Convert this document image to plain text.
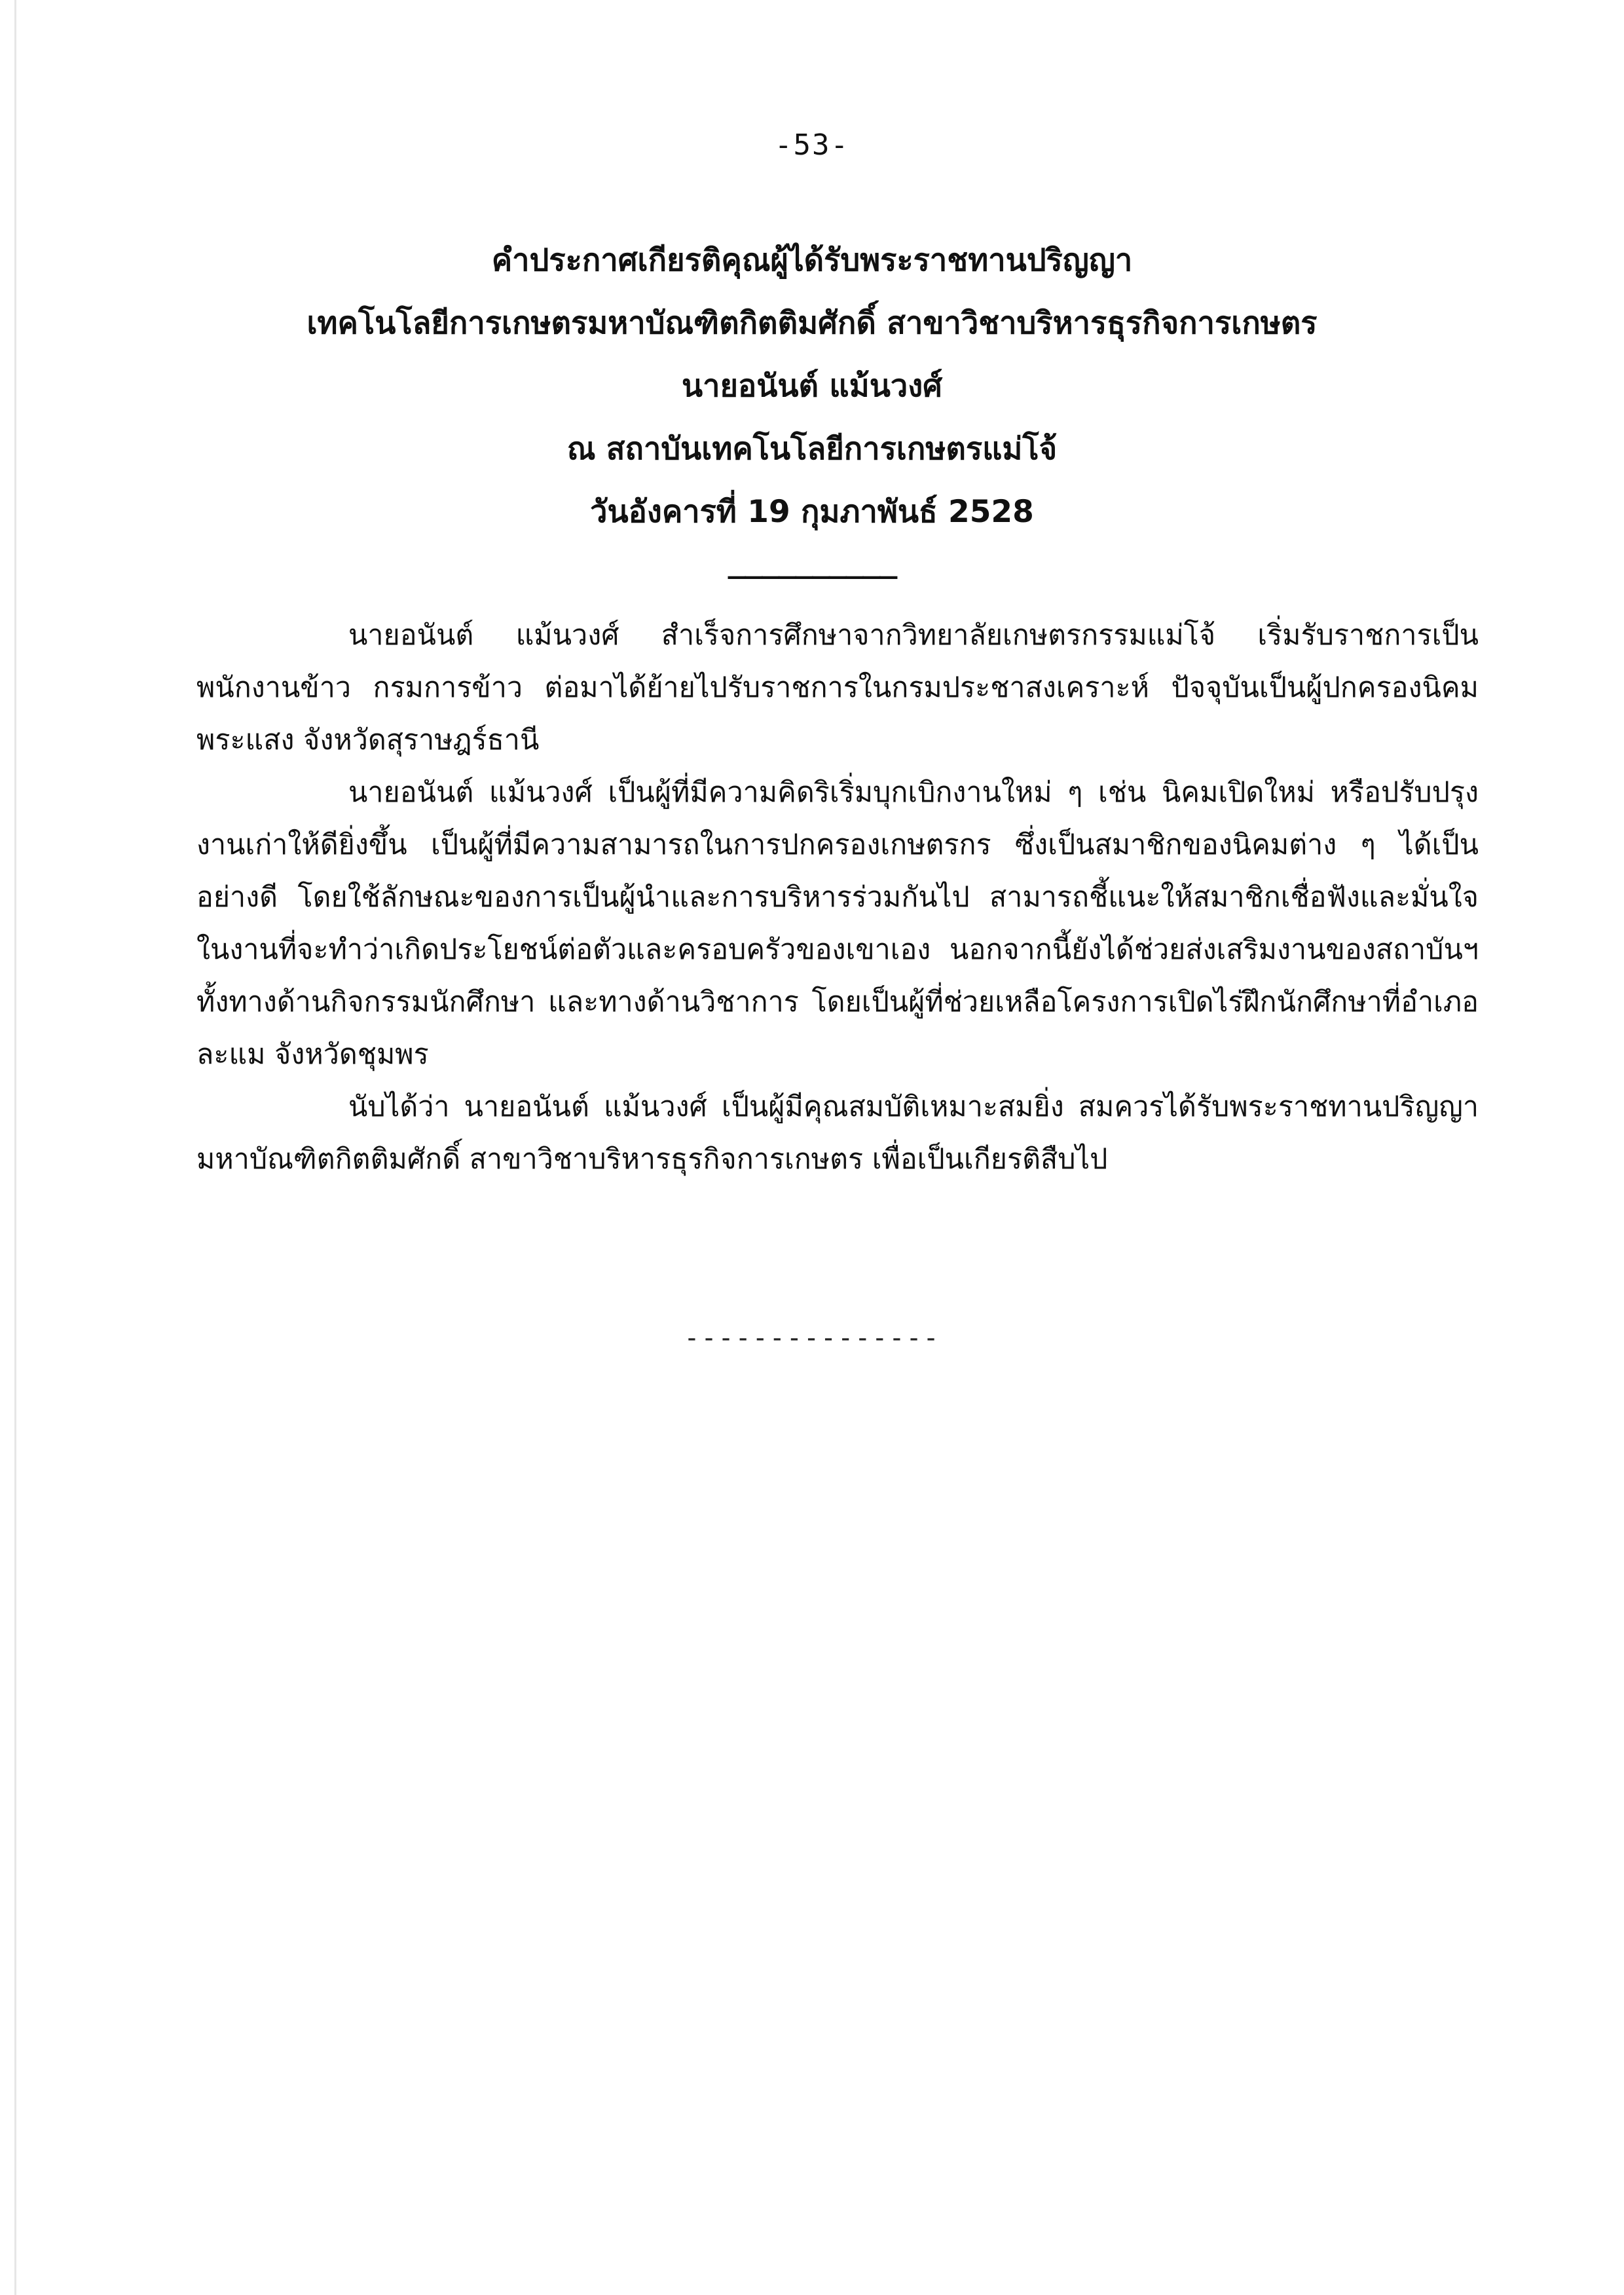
-53-
คำประกาศเกียรติคุณผู้ได้รับพระราชทานปริญญา
เทคโนโลยีการเกษตรมหาบัณฑิตกิตติมศักดิ์ สาขาวิชาบริหารธุรกิจการเกษตร
นายอนันต์ แม้นวงศ์
ณ สถาบันเทคโนโลยีการเกษตรแม่โจ้
วันอังคารที่ 19 กุมภาพันธ์ 2528
__________

นายอนันต์ แม้นวงศ์ สำเร็จการศึกษาจากวิทยาลัยเกษตรกรรมแม่โจ้ เริ่มรับราชการเป็นพนักงานข้าว กรมการข้าว ต่อมาได้ย้ายไปรับราชการในกรมประชาสงเคราะห์ ปัจจุบันเป็นผู้ปกครองนิคมพระแสง จังหวัดสุราษฎร์ธานี

นายอนันต์ แม้นวงศ์ เป็นผู้ที่มีความคิดริเริ่มบุกเบิกงานใหม่ ๆ เช่น นิคมเปิดใหม่ หรือปรับปรุงงานเก่าให้ดียิ่งขึ้น เป็นผู้ที่มีความสามารถในการปกครองเกษตรกร ซึ่งเป็นสมาชิกของนิคมต่าง ๆ ได้เป็นอย่างดี โดยใช้ลักษณะของการเป็นผู้นำและการบริหารร่วมกันไป สามารถชี้แนะให้สมาชิกเชื่อฟังและมั่นใจในงานที่จะทำว่าเกิดประโยชน์ต่อตัวและครอบครัวของเขาเอง นอกจากนี้ยังได้ช่วยส่งเสริมงานของสถาบันฯ ทั้งทางด้านกิจกรรมนักศึกษา และทางด้านวิชาการ โดยเป็นผู้ที่ช่วยเหลือโครงการเปิดไร่ฝึกนักศึกษาที่อำเภอละแม จังหวัดชุมพร

นับได้ว่า นายอนันต์ แม้นวงศ์ เป็นผู้มีคุณสมบัติเหมาะสมยิ่ง สมควรได้รับพระราชทานปริญญามหาบัณฑิตกิตติมศักดิ์ สาขาวิชาบริหารธุรกิจการเกษตร เพื่อเป็นเกียรติสืบไป

---------------
